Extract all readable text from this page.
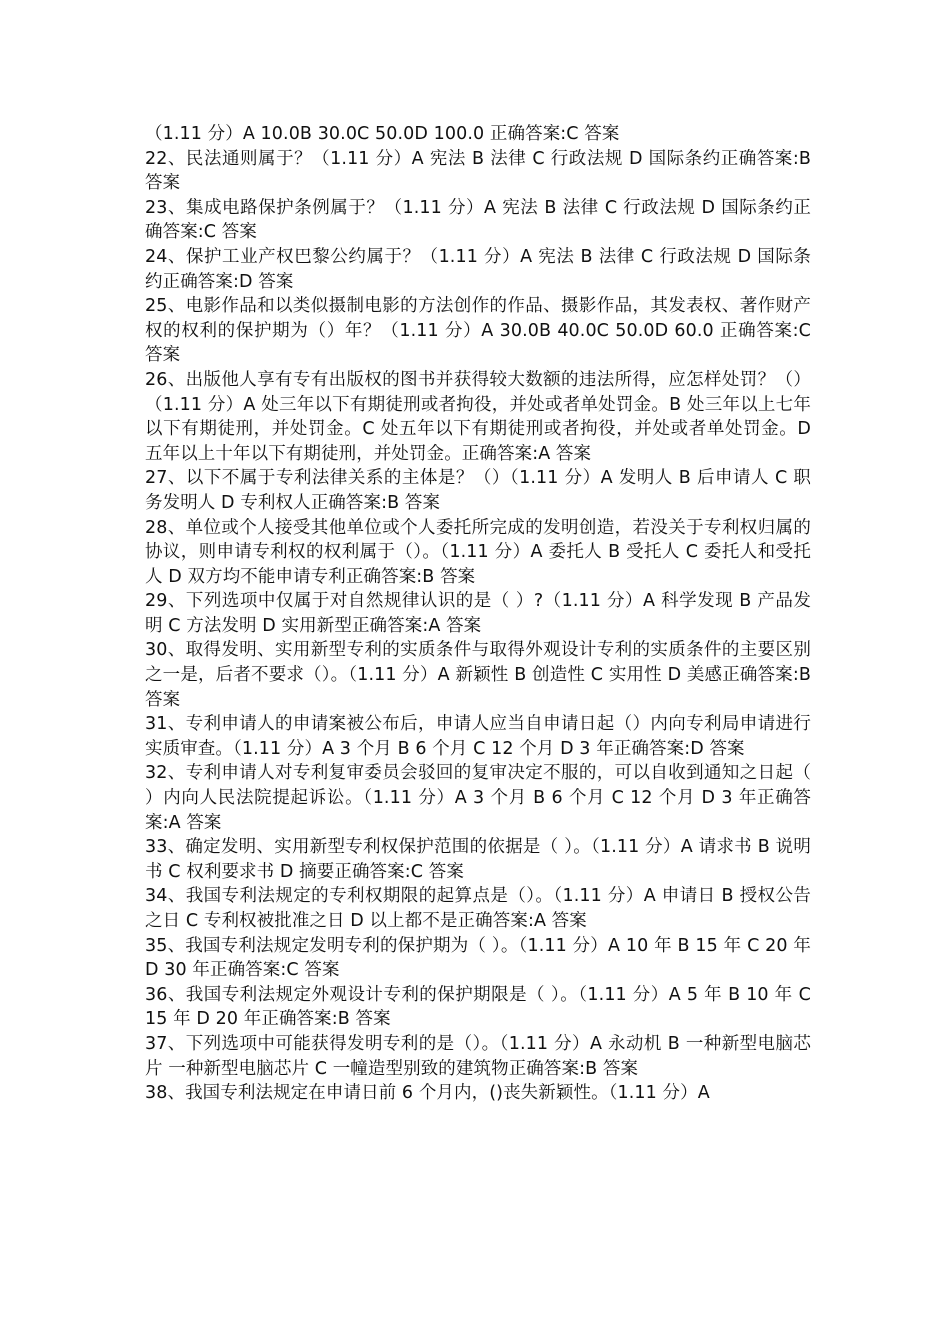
（1.11 分）A 10.0B 30.0C 50.0D 100.0 正确答案:C 答案

22、民法通则属于？（1.11 分）A 宪法 B 法律 C 行政法规 D 国际条约正确答案:B 答案

23、集成电路保护条例属于？（1.11 分）A 宪法 B 法律 C 行政法规 D 国际条约正确答案:C 答案

24、保护工业产权巴黎公约属于？（1.11 分）A 宪法 B 法律 C 行政法规 D 国际条约正确答案:D 答案

25、电影作品和以类似摄制电影的方法创作的作品、摄影作品，其发表权、著作财产权的权利的保护期为（）年？（1.11 分）A 30.0B 40.0C 50.0D 60.0 正确答案:C 答案

26、出版他人享有专有出版权的图书并获得较大数额的违法所得，应怎样处罚？（）（1.11 分）A 处三年以下有期徒刑或者拘役，并处或者单处罚金。B 处三年以上七年以下有期徒刑，并处罚金。C 处五年以下有期徒刑或者拘役，并处或者单处罚金。D 五年以上十年以下有期徒刑，并处罚金。正确答案:A 答案

27、以下不属于专利法律关系的主体是？（）（1.11 分）A 发明人 B 后申请人 C 职务发明人 D 专利权人正确答案:B 答案

28、单位或个人接受其他单位或个人委托所完成的发明创造，若没关于专利权归属的协议，则申请专利权的权利属于（）。（1.11 分）A 委托人 B 受托人 C 委托人和受托人 D 双方均不能申请专利正确答案:B 答案

29、下列选项中仅属于对自然规律认识的是（ ）?（1.11 分）A 科学发现 B 产品发明 C 方法发明 D 实用新型正确答案:A 答案

30、取得发明、实用新型专利的实质条件与取得外观设计专利的实质条件的主要区别之一是，后者不要求（）。（1.11 分）A 新颖性 B 创造性 C 实用性 D 美感正确答案:B 答案

31、专利申请人的申请案被公布后，申请人应当自申请日起（）内向专利局申请进行实质审查。（1.11 分）A 3 个月 B 6 个月 C 12 个月 D 3 年正确答案:D 答案

32、专利申请人对专利复审委员会驳回的复审决定不服的，可以自收到通知之日起（ ）内向人民法院提起诉讼。（1.11 分）A 3 个月 B 6 个月 C 12 个月 D 3 年正确答案:A 答案

33、确定发明、实用新型专利权保护范围的依据是（ ）。（1.11 分）A 请求书 B 说明书 C 权利要求书 D 摘要正确答案:C 答案

34、我国专利法规定的专利权期限的起算点是（）。（1.11 分）A 申请日 B 授权公告之日 C 专利权被批准之日 D 以上都不是正确答案:A 答案

35、我国专利法规定发明专利的保护期为（ ）。（1.11 分）A 10 年 B 15 年 C 20 年 D 30 年正确答案:C 答案

36、我国专利法规定外观设计专利的保护期限是（ ）。（1.11 分）A 5 年 B 10 年 C 15 年 D 20 年正确答案:B 答案

37、下列选项中可能获得发明专利的是（）。（1.11 分）A 永动机 B 一种新型电脑芯片 一种新型电脑芯片 C 一幢造型别致的建筑物正确答案:B 答案

38、我国专利法规定在申请日前 6 个月内，()丧失新颖性。（1.11 分）A
